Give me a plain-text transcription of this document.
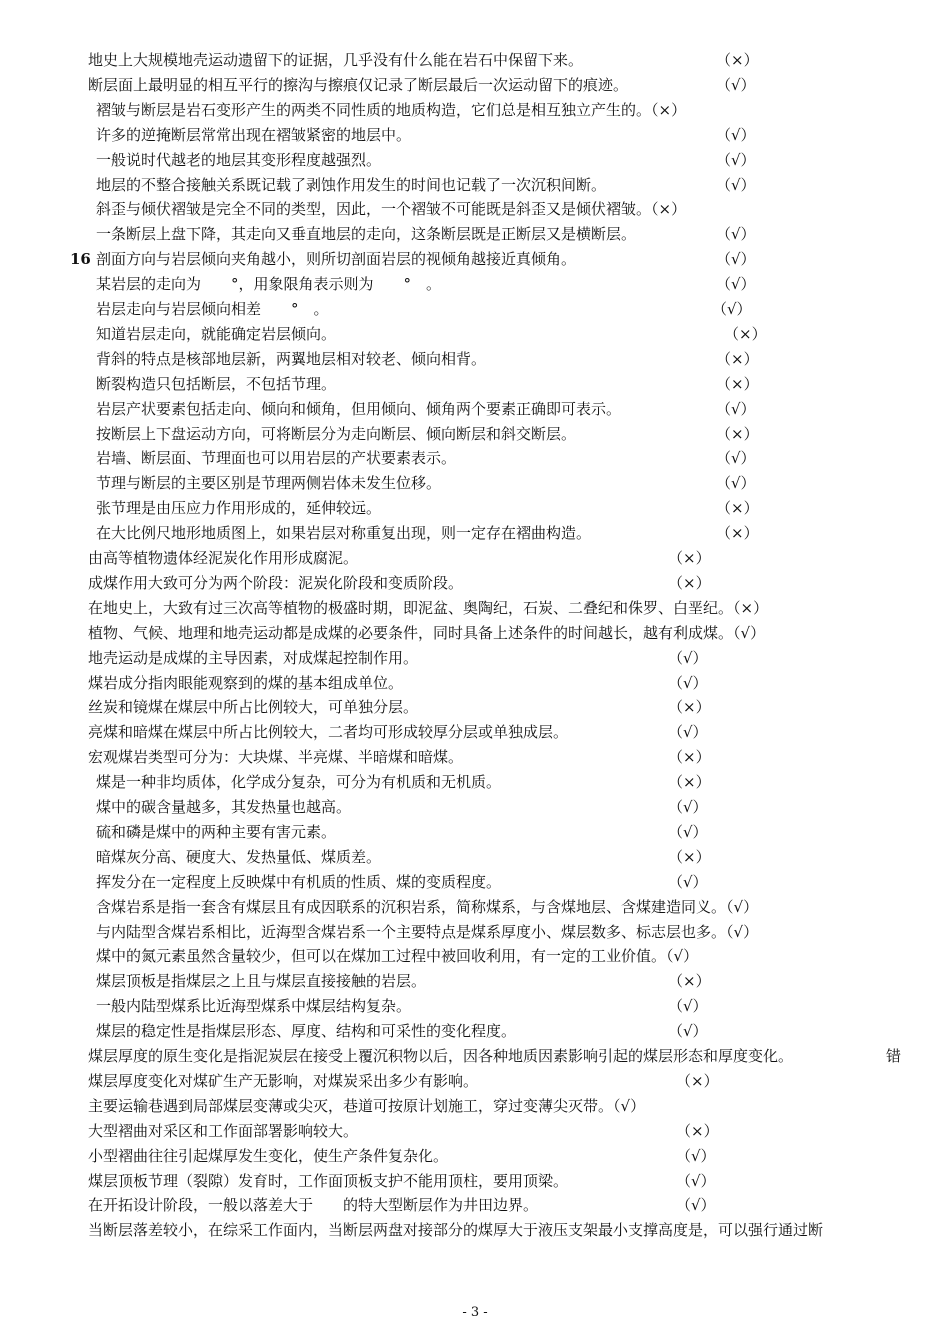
地史上大规模地壳运动遗留下的证据，几乎没有什么能在岩石中保留下来。	（×）
断层面上最明显的相互平行的擦沟与擦痕仅记录了断层最后一次运动留下的痕迹。	（√）
褶皱与断层是岩石变形产生的两类不同性质的地质构造，它们总是相互独立产生的。（×）
许多的逆掩断层常常出现在褶皱紧密的地层中。	（√）
一般说时代越老的地层其变形程度越强烈。	（√）
地层的不整合接触关系既记载了剥蚀作用发生的时间也记载了一次沉积间断。	（√）
斜歪与倾伏褶皱是完全不同的类型，因此，一个褶皱不可能既是斜歪又是倾伏褶皱。（×）
一条断层上盘下降，其走向又垂直地层的走向，这条断层既是正断层又是横断层。	（√）
16 剖面方向与岩层倾向夹角越小，则所切剖面岩层的视倾角越接近真倾角。	（√）
某岩层的走向为　　°，用象限角表示则为　　°　。	（√）
岩层走向与岩层倾向相差　　°　。	（√）
知道岩层走向，就能确定岩层倾向。	（×）
背斜的特点是核部地层新，两翼地层相对较老、倾向相背。	（×）
断裂构造只包括断层，不包括节理。	（×）
岩层产状要素包括走向、倾向和倾角，但用倾向、倾角两个要素正确即可表示。	（√）
按断层上下盘运动方向，可将断层分为走向断层、倾向断层和斜交断层。	（×）
岩墙、断层面、节理面也可以用岩层的产状要素表示。	（√）
节理与断层的主要区别是节理两侧岩体未发生位移。	（√）
张节理是由压应力作用形成的，延伸较远。	（×）
在大比例尺地形地质图上，如果岩层对称重复出现，则一定存在褶曲构造。	（×）
由高等植物遗体经泥炭化作用形成腐泥。	（×）
成煤作用大致可分为两个阶段：泥炭化阶段和变质阶段。	（×）
在地史上，大致有过三次高等植物的极盛时期，即泥盆、奥陶纪，石炭、二叠纪和侏罗、白垩纪。（×）
植物、气候、地理和地壳运动都是成煤的必要条件，同时具备上述条件的时间越长，越有利成煤。（√）
地壳运动是成煤的主导因素，对成煤起控制作用。	（√）
煤岩成分指肉眼能观察到的煤的基本组成单位。	（√）
丝炭和镜煤在煤层中所占比例较大，可单独分层。	（×）
亮煤和暗煤在煤层中所占比例较大，二者均可形成较厚分层或单独成层。	（√）
宏观煤岩类型可分为：大块煤、半亮煤、半暗煤和暗煤。	（×）
煤是一种非均质体，化学成分复杂，可分为有机质和无机质。	（×）
煤中的碳含量越多，其发热量也越高。	（√）
硫和磷是煤中的两种主要有害元素。	（√）
暗煤灰分高、硬度大、发热量低、煤质差。	（×）
挥发分在一定程度上反映煤中有机质的性质、煤的变质程度。	（√）
含煤岩系是指一套含有煤层且有成因联系的沉积岩系，简称煤系，与含煤地层、含煤建造同义。（√）
与内陆型含煤岩系相比，近海型含煤岩系一个主要特点是煤系厚度小、煤层数多、标志层也多。（√）
煤中的氮元素虽然含量较少，但可以在煤加工过程中被回收利用，有一定的工业价值。（√）
煤层顶板是指煤层之上且与煤层直接接触的岩层。	（×）
一般内陆型煤系比近海型煤系中煤层结构复杂。	（√）
煤层的稳定性是指煤层形态、厚度、结构和可采性的变化程度。	（√）
煤层厚度的原生变化是指泥炭层在接受上覆沉积物以后，因各种地质因素影响引起的煤层形态和厚度变化。	错
煤层厚度变化对煤矿生产无影响，对煤炭采出多少有影响。	（×）
主要运输巷遇到局部煤层变薄或尖灭，巷道可按原计划施工，穿过变薄尖灭带。（√）
大型褶曲对采区和工作面部署影响较大。	（×）
小型褶曲往往引起煤厚发生变化，使生产条件复杂化。	（√）
煤层顶板节理（裂隙）发育时，工作面顶板支护不能用顶柱，要用顶梁。	（√）
在开拓设计阶段，一般以落差大于　　的特大型断层作为井田边界。	（√）
当断层落差较小，在综采工作面内，当断层两盘对接部分的煤厚大于液压支架最小支撑高度是，可以强行通过断
- 3 -
